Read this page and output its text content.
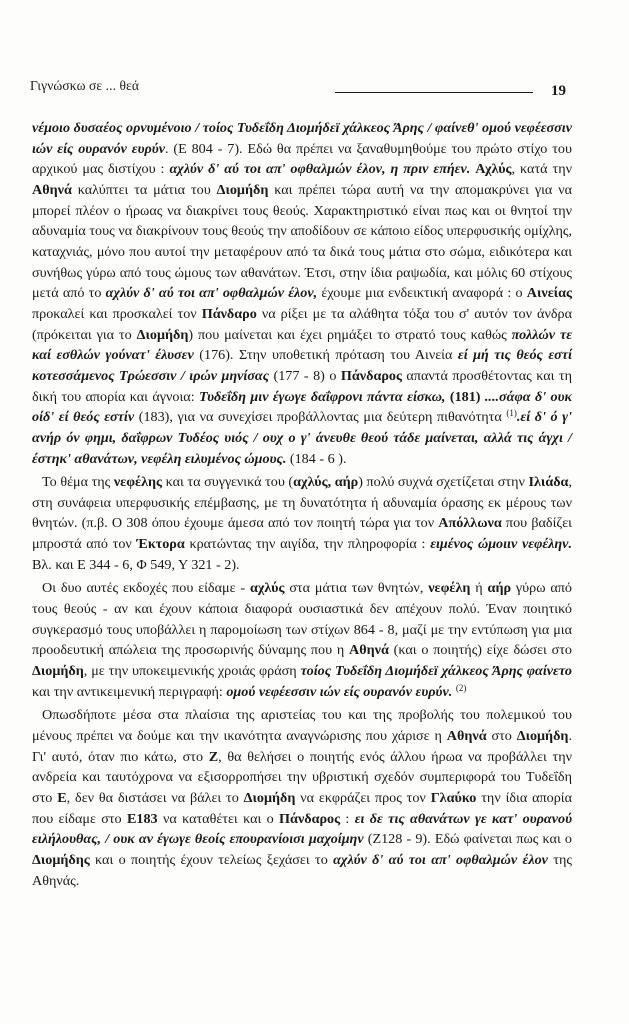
Γιγνώσκω σε ... θεά	19

νέμοιο δυσαέος ορνυμένοιο / τοίος Τυδεΐδη Διομήδεϊ χάλκεος Άρης / φαίνεθ' ομού νεφέεσσιν ιών είς ουρανόν ευρύν. (Ε 804 - 7). Εδώ θα πρέπει να ξαναθυμηθούμε του πρώτο στίχο του αρχικού μας διστίχου : αχλύν δ' αύ τοι απ' οφθαλμών έλον, η πριν επήεν. Αχλύς, κατά την Αθηνά καλύπτει τα μάτια του Διομήδη και πρέπει τώρα αυτή να την απομακρύνει για να μπορεί πλέον ο ήρωας να διακρίνει τους θεούς. Χαρακτηριστικό είναι πως και οι θνητοί την αδυναμία τους να διακρίνουν τους θεούς την αποδίδουν σε κάποιο είδος υπερφυσικής ομίχλης, καταχνιάς, μόνο που αυτοί την μεταφέρουν από τα δικά τους μάτια στο σώμα, ειδικότερα και συνήθως γύρω από τους ώμους των αθανάτων. Έτσι, στην ίδια ραψωδία, και μόλις 60 στίχους μετά από το αχλύν δ' αύ τοι απ' οφθαλμών έλον, έχουμε μια ενδεικτική αναφορά : ο Αινείας προκαλεί και προσκαλεί τον Πάνδαρο να ρίξει με τα αλάθητα τόξα του σ' αυτόν τον άνδρα (πρόκειται για το Διομήδη) που μαίνεται και έχει ρημάξει το στρατό τους καθώς πολλών τε καί εσθλών γούνατ' έλυσεν (176). Στην υποθετική πρόταση του Αινεία εί μή τις θεός εστί κοτεσσάμενος Τρώεσσιν / ιρών μηνίσας (177 - 8) ο Πάνδαρος απαντά προσθέτοντας και τη δική του απορία και άγνοια: Τυδεΐδη μιν έγωγε δαΐφρονι πάντα είσκω, (181) ....σάφα δ' ουκ οίδ' εί θεός εστίν (183), για να συνεχίσει προβάλλοντας μια δεύτερη πιθανότητα $^{(1)}$.εί δ' ό γ' ανήρ όν φημι, δαΐφρων Τυδέος υιός / ουχ ο γ' άνευθε θεού τάδε μαίνεται, αλλά τις άγχι / έστηκ' αθανάτων, νεφέλη ειλυμένος ώμους. (184 - 6 ).

Το θέμα της νεφέλης και τα συγγενικά του (αχλύς, αήρ) πολύ συχνά σχετίζεται στην Ιλιάδα, στη συνάφεια υπερφυσικής επέμβασης, με τη δυνατότητα ή αδυναμία όρασης εκ μέρους των θνητών. (π.β. Ο 308 όπου έχουμε άμεσα από τον ποιητή τώρα για τον Απόλλωνα που βαδίζει μπροστά από τον Έκτορα κρατώντας την αιγίδα, την πληροφορία : ειμένος ώμοιιν νεφέλην. Βλ. και Ε 344 - 6, Φ 549, Υ 321 - 2).

Οι δυο αυτές εκδοχές που είδαμε - αχλύς στα μάτια των θνητών, νεφέλη ή αήρ γύρω από τους θεούς - αν και έχουν κάποια διαφορά ουσιαστικά δεν απέχουν πολύ. Έναν ποιητικό συγκερασμό τους υποβάλλει η παρομοίωση των στίχων 864 - 8, μαζί με την εντύπωση για μια προοδευτική απώλεια της προσωρινής δύναμης που η Αθηνά (και ο ποιητής) είχε δώσει στο Διομήδη, με την υποκειμενικής χροιάς φράση τοίος Τυδεΐδη Διομήδεϊ χάλκεος Άρης φαίνετο και την αντικειμενική περιγραφή: ομού νεφέεσσιν ιών είς ουρανόν ευρύν. $^{(2)}$

Οπωσδήποτε μέσα στα πλαίσια της αριστείας του και της προβολής του πολεμικού του μένους πρέπει να δούμε και την ικανότητα αναγνώρισης που χάρισε η Αθηνά στο Διομήδη. Γι' αυτό, όταν πιο κάτω, στο Ζ, θα θελήσει ο ποιητής ενός άλλου ήρωα να προβάλλει την ανδρεία και ταυτόχρονα να εξισορροπήσει την υβριστική σχεδόν συμπεριφορά του Τυδεΐδη στο Ε, δεν θα διστάσει να βάλει το Διομήδη να εκφράζει προς τον Γλαύκο την ίδια απορία που είδαμε στο Ε183 να καταθέτει και ο Πάνδαρος : ει δε τις αθανάτων γε κατ' ουρανού ειλήλουθας, / ουκ αν έγωγε θεοίς επουρανίοισι μαχοίμην (Ζ128 - 9). Εδώ φαίνεται πως και ο Διομήδης και ο ποιητής έχουν τελείως ξεχάσει το αχλύν δ' αύ τοι απ' οφθαλμών έλον της Αθηνάς.
